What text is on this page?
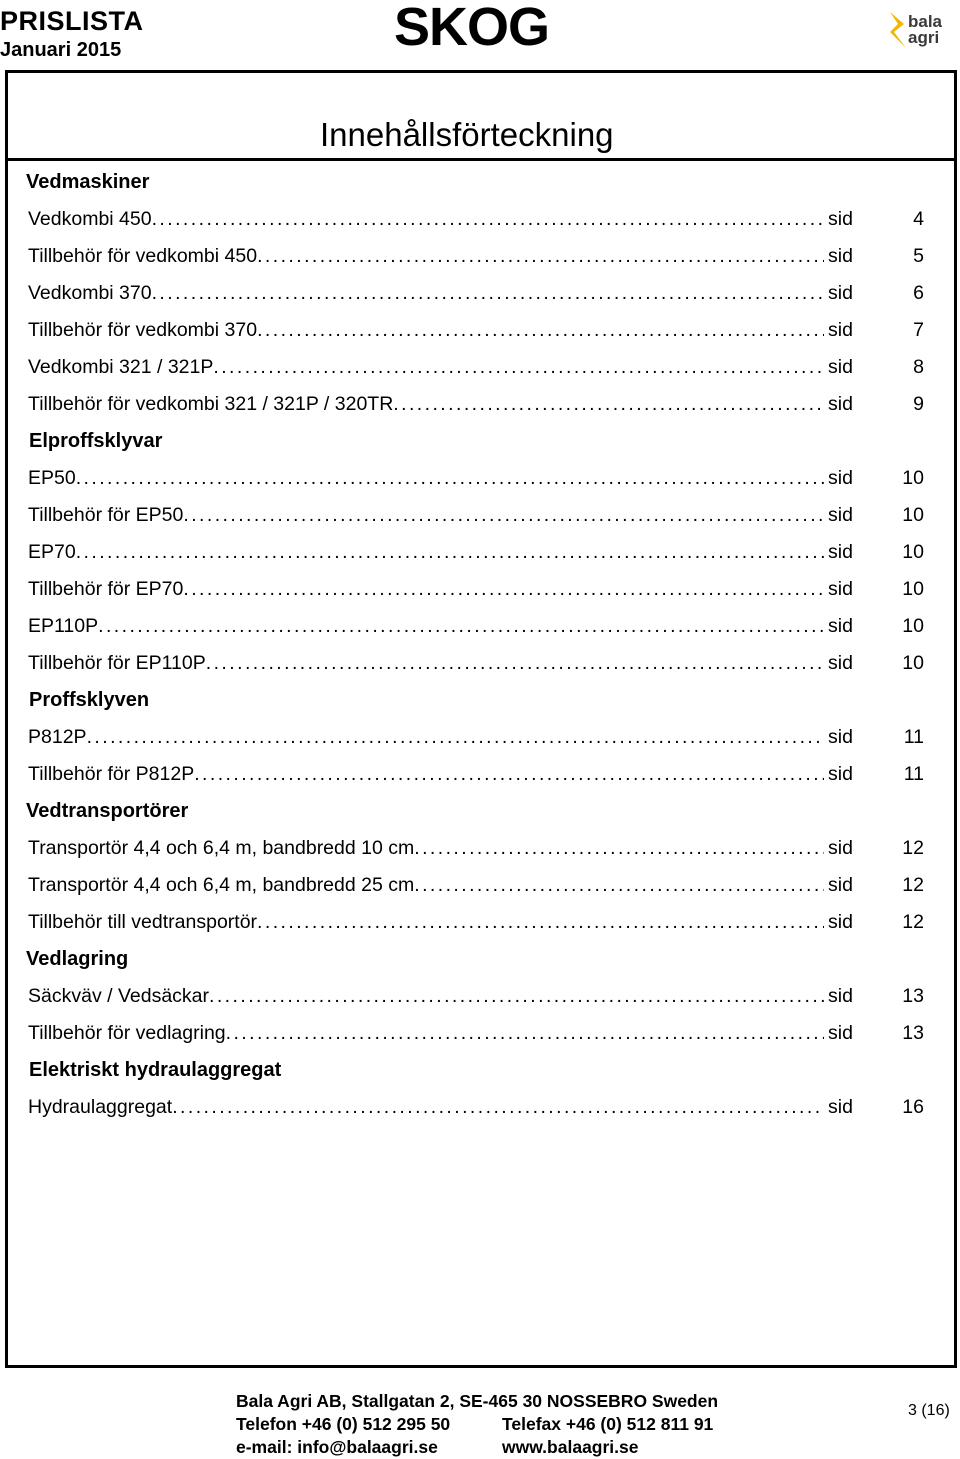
PRISLISTA
Januari 2015	SKOG	bala
agri
Innehållsförteckning
Vedmaskiner
Vedkombi 450 . . .	sid	4
Tillbehör för vedkombi 450 . . .	sid	5
Vedkombi 370 . . .	sid	6
Tillbehör för vedkombi 370 . . .	sid	7
Vedkombi 321 / 321P . . .	sid	8
Tillbehör för vedkombi 321 / 321P / 320TR . . .	sid	9
Elproffsklyvar
EP50 . . .	sid	10
Tillbehör för EP50 . . .	sid	10
EP70 . . .	sid	10
Tillbehör för EP70 . . .	sid	10
EP110P . . .	sid	10
Tillbehör för EP110P . . .	sid	10
Proffsklyven
P812P . . .	sid	11
Tillbehör för P812P . . .	sid	11
Vedtransportörer
Transportör 4,4 och 6,4 m, bandbredd 10 cm . . .	sid	12
Transportör 4,4 och 6,4 m, bandbredd 25 cm . . .	sid	12
Tillbehör till vedtransportör . . .	sid	12
Vedlagring
Säckväv / Vedsäckar . . .	sid	13
Tillbehör för vedlagring . . .	sid	13
Elektriskt hydraulaggregat
Hydraulaggregat . . .	sid	16
Bala Agri AB, Stallgatan 2, SE-465 30 NOSSEBRO Sweden
Telefon +46 (0) 512 295 50	Telefax +46 (0) 512 811 91
e-mail: info@balaagri.se	www.balaagri.se
3 (16)
